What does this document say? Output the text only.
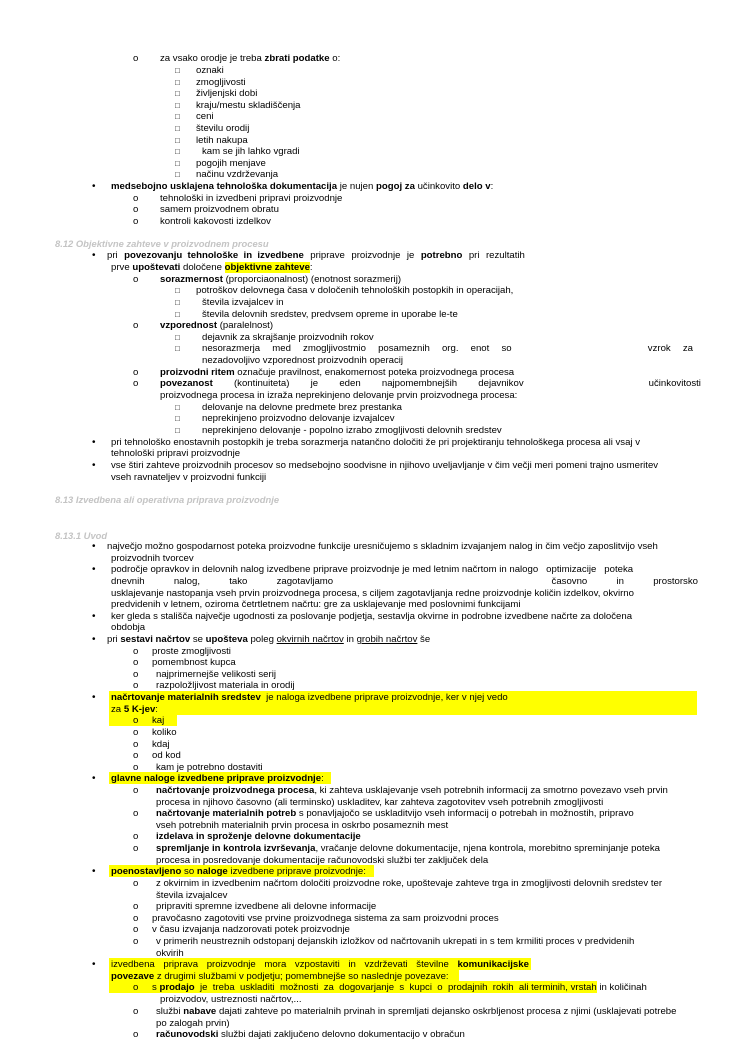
8.12 Objektivne zahteve v proizvodnem procesu
8.13 Izvedbena ali operativna priprava proizvodnje
8.13.1 Uvod
o za vsako orodje je treba zbrati podatke o:
□ oznaki
□ zmogljivosti
□ življenjski dobi
□ kraju/mestu skladiščenja
□ ceni
□ številu orodij
□ letih nakupa
□ kam se jih lahko vgradi
□ pogojih menjave
□ načinu vzdrževanja
• medsebojno usklajena tehnološka dokumentacija je nujen pogoj za učinkovito delo v:
o tehnološki in izvedbeni pripravi proizvodnje
o samem proizvodnem obratu
o kontroli kakovosti izdelkov
• pri povezovanju  tehnološke  in  izvedbene priprave proizvodnje je potrebno pri rezultatih
prve upoštevati določene objektivne zahteve:
o sorazmernost (proporciaonalnost) (enotnost sorazmerij)
□ potroškov delovnega časa v določenih tehnoloških postopkih in operacijah,
□ števila izvajalcev in
□ števila delovnih sredstev, predvsem opreme in uporabe le-te
o vzporednost (paralelnost)
□ dejavnik za skrajšanje proizvodnih rokov
□ nesorazmerja med zmogljivostmio posameznih org. enot so
	vzrok za
nezadovoljivo vzporednost proizvodnih operacij
o proizvodni ritem označuje pravilnost, enakomernost poteka proizvodnega procesa
o povezanost (kontinuiteta) je eden najpomembnejših dejavnikov
	učinkovitosti
proizvodnega procesa in izraža neprekinjeno delovanje prvin proizvodnega procesa:
□ delovanje na delovne predmete brez prestanka
□ neprekinjeno proizvodno delovanje izvajalcev
□ neprekinjeno delovanje - popolno izrabo zmogljivosti delovnih sredstev
• pri tehnološko enostavnih postopkih je treba sorazmerja natančno določiti že pri projektiranju tehnološkega procesa ali vsaj v
tehnološki pripravi proizvodnje
• vse štiri zahteve proizvodnih procesov so medsebojno soodvisne in njihovo uveljavljanje v čim večji meri pomeni trajno usmeritev
vseh ravnateljev v proizvodni funkciji
• največjo možno gospodarnost poteka proizvodne funkcije uresničujemo s skladnim izvajanjem nalog in čim večjo zaposlitvijo vseh
proizvodnih tvorcev
• področje opravkov in delovnih nalog izvedbene priprave proizvodnje je med letnim načrtom in nalogo   optimizacije   poteka
dnevnih	nalog,	tako	zagotavljamo
	časovno	in	prostorsko
usklajevanje nastopanja vseh prvin proizvodnega procesa, s ciljem zagotavljanja redne proizvodnje količin izdelkov, okvirno
predvidenih v letnem, oziroma četrtletnem načrtu: gre za usklajevanje med poslovnimi funkcijami
• ker gleda s stališča največje ugodnosti za poslovanje podjetja, sestavlja okvirne in podrobne izvedbene načrte za določena
obdobja
• pri sestavi načrtov se upošteva poleg okvirnih načrtov in grobih načrtov še
o proste zmogljivosti
o pomembnost kupca
o najprimernejše velikosti serij
o razpoložljivost materiala in orodij
• načrtovanje materialnih sredstev  je naloga izvedbene priprave proizvodnje, ker v njej vedo
za 5 K-jev:
o kaj
o koliko
o kdaj
o od kod
o kam je potrebno dostaviti
• glavne naloge izvedbene priprave proizvodnje:
o načrtovanje proizvodnega procesa, ki zahteva usklajevanje vseh potrebnih informacij za smotrno povezavo vseh prvin
procesa in njihovo časovno (ali terminsko) uskladitev, kar zahteva zagotovitev vseh potrebnih zmogljivosti
o načrtovanje materialnih potreb s ponavljajočo se uskladitvijo vseh informacij o potrebah in možnostih, pripravo
vseh potrebnih materialnih prvin procesa in oskrbo posameznih mest
o izdelava in sproženje delovne dokumentacije
o spremljanje in kontrola izvrševanja, vračanje delovne dokumentacije, njena kontrola, morebitno spreminjanje poteka
procesa in posredovanje dokumentacije računovodski službi ter zaključek dela
• poenostavljeno so naloge izvedbene priprave proizvodnje:
o z okvirnim in izvedbenim načrtom določiti proizvodne roke, upoštevaje zahteve trga in zmogljivosti delovnih sredstev ter
števila izvajalcev
o pripraviti spremne izvedbene ali delovne informacije
o pravočasno zagotoviti vse prvine proizvodnega sistema za sam proizvodni proces
o v času izvajanja nadzorovati potek proizvodnje
o v primerih neustreznih odstopanj dejanskih izložkov od načrtovanih ukrepati in s tem krmiliti proces v predvidenih
okvirih
• izvedbena priprava proizvodnje mora vzpostaviti in vzdrževati številne komunikacijske
povezave z drugimi službami v podjetju; pomembnejše so naslednje povezave:
o s prodajo  je  treba  uskladiti  možnosti  za  dogovarjanje  s  kupci  o  prodajnih  rokih  ali terminih, vrstah in količinah
proizvodov, ustreznosti načrtov,...
o službi nabave dajati zahteve po materialnih prvinah in spremljati dejansko oskrbljenost procesa z njimi (usklajevati potrebe
po zalogah prvin)
o računovodski službi dajati zaključeno delovno dokumentacijo v obračun
